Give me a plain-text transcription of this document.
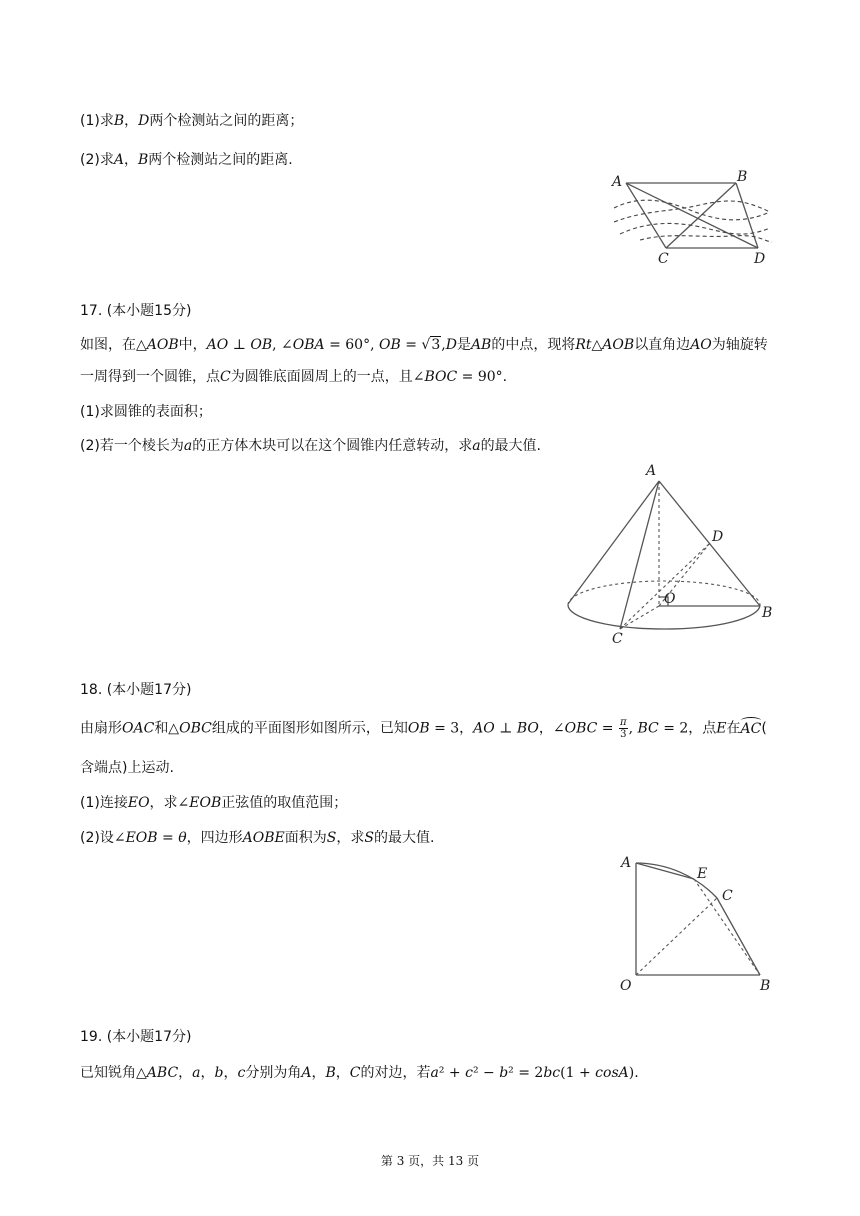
(1)求B，D两个检测站之间的距离；
(2)求A，B两个检测站之间的距离.
A	B
C	D
17. (本小题15分)
如图，在△AOB中，AO ⊥ OB, ∠OBA = 60°, OB = √3,D是AB的中点，现将Rt△AOB以直角边AO为轴旋转
一周得到一个圆锥，点C为圆锥底面圆周上的一点，且∠BOC = 90°.
(1)求圆锥的表面积；
(2)若一个棱长为a的正方体木块可以在这个圆锥内任意转动，求a的最大值.
A
D
O
B
C
18. (本小题17分)
由扇形OAC和△OBC组成的平面图形如图所示，已知OB = 3，AO ⊥ BO，∠OBC = $\frac{\pi}{3}$ , BC = 2，点E在AC(
含端点)上运动.
(1)连接EO，求∠EOB正弦值的取值范围；
(2)设∠EOB = θ，四边形AOBE面积为S，求S的最大值.
A
E
C
O	B
19. (本小题17分)
已知锐角△ABC，a，b，c分别为角A，B，C的对边，若a² + c² − b² = 2bc(1 + cosA).
第 3 页，共 13 页
